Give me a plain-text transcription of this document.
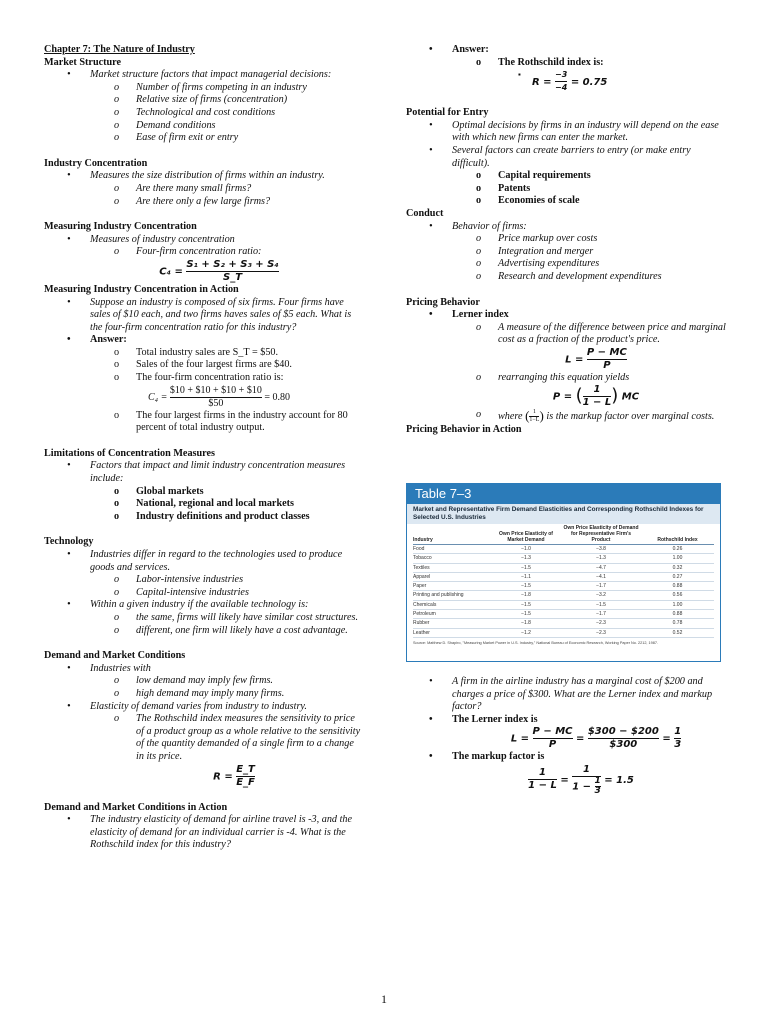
Chapter 7: The Nature of Industry

Market Structure

• Market structure factors that impact managerial decisions:
o Number of firms competing in an industry
o Relative size of firms (concentration)
o Technological and cost conditions
o Demand conditions
o Ease of firm exit or entry

Industry Concentration

• Measures the size distribution of firms within an industry.
o Are there many small firms?
o Are there only a few large firms?

Measuring Industry Concentration

• Measures of industry concentration
o Four-firm concentration ratio:
$C_4 = \frac{\text{S₁ + S₂ + S₃ + S₄}}{S\_T}$

Measuring Industry Concentration in Action

• Suppose an industry is composed of six firms. Four firms have sales of $10 each, and two firms haves sales of $5 each. What is the four-firm concentration ratio for this industry?
• Answer:
o Total industry sales are S_T = $50.
o Sales of the four largest firms are $40.
o The four-firm concentration ratio is:
$C_4 = \frac{\$10 + \$10 + \$10 + \$10}{\$50} = 0.80$
o The four largest firms in the industry account for 80 percent of total industry output.

Limitations of Concentration Measures

• Factors that impact and limit industry concentration measures include:
o Global markets
o National, regional and local markets
o Industry definitions and product classes

Technology

• Industries differ in regard to the technologies used to produce goods and services.
o Labor-intensive industries
o Capital-intensive industries
• Within a given industry if the available technology is:
o the same, firms will likely have similar cost structures.
o different, one firm will likely have a cost advantage.

Demand and Market Conditions

• Industries with
o low demand may imply few firms.
o high demand may imply many firms.
• Elasticity of demand varies from industry to industry.
o The Rothschild index measures the sensitivity to price of a product group as a whole relative to the sensitivity of the quantity demanded of a single firm to a change in its price.
$R = \frac{E\_T}{E\_F}$

Demand and Market Conditions in Action

• The industry elasticity of demand for airline travel is -3, and the elasticity of demand for an individual carrier is -4. What is the Rothschild index for this industry?
• Answer:
o The Rothschild index is:
▪
$R = \frac{-3}{-4} = 0.75$

Potential for Entry

• Optimal decisions by firms in an industry will depend on the ease with which new firms can enter the market.
• Several factors can create barriers to entry (or make entry difficult).
o Capital requirements
o Patents
o Economies of scale

Conduct

• Behavior of firms:
o Price markup over costs
o Integration and merger
o Advertising expenditures
o Research and development expenditures

Pricing Behavior

• Lerner index
o A measure of the difference between price and marginal cost as a fraction of the product's price.
$L = \frac{P - MC}{P}$
o rearranging this equation yields
P = ( $\frac{1}{1 - L}$ ) MC
o where ( $\frac{1}{1-L}$ ) is the markup factor over marginal costs.

Pricing Behavior in Action

Table 7–3
Market and Representative Firm Demand Elasticities and Corresponding Rothschild Indexes for Selected U.S. Industries
Industry	Own Price Elasticity of Market Demand	Own Price Elasticity of Demand for Representative Firm's Product	Rothschild Index
Food	−1.0	−3.8	0.26
Tobacco	−1.3	−1.3	1.00
Textiles	−1.5	−4.7	0.32
Apparel	−1.1	−4.1	0.27
Paper	−1.5	−1.7	0.88
Printing and publishing	−1.8	−3.2	0.56
Chemicals	−1.5	−1.5	1.00
Petroleum	−1.5	−1.7	0.88
Rubber	−1.8	−2.3	0.78
Leather	−1.2	−2.3	0.52
Source: Matthew D. Shapiro, "Measuring Market Power in U.S. Industry," National Bureau of Economic Research, Working Paper No. 2212, 1987.
• A firm in the airline industry has a marginal cost of $200 and charges a price of $300. What are the Lerner index and markup factor?
• The Lerner index is
$L = \frac{P - MC}{P} = \frac{\$300 - \$200}{\$300} = \frac{1}{3}$
• The markup factor is
$\frac{1}{1 - L} = \frac{1}{1 - \frac{1}{3}} = 1.5$
1
